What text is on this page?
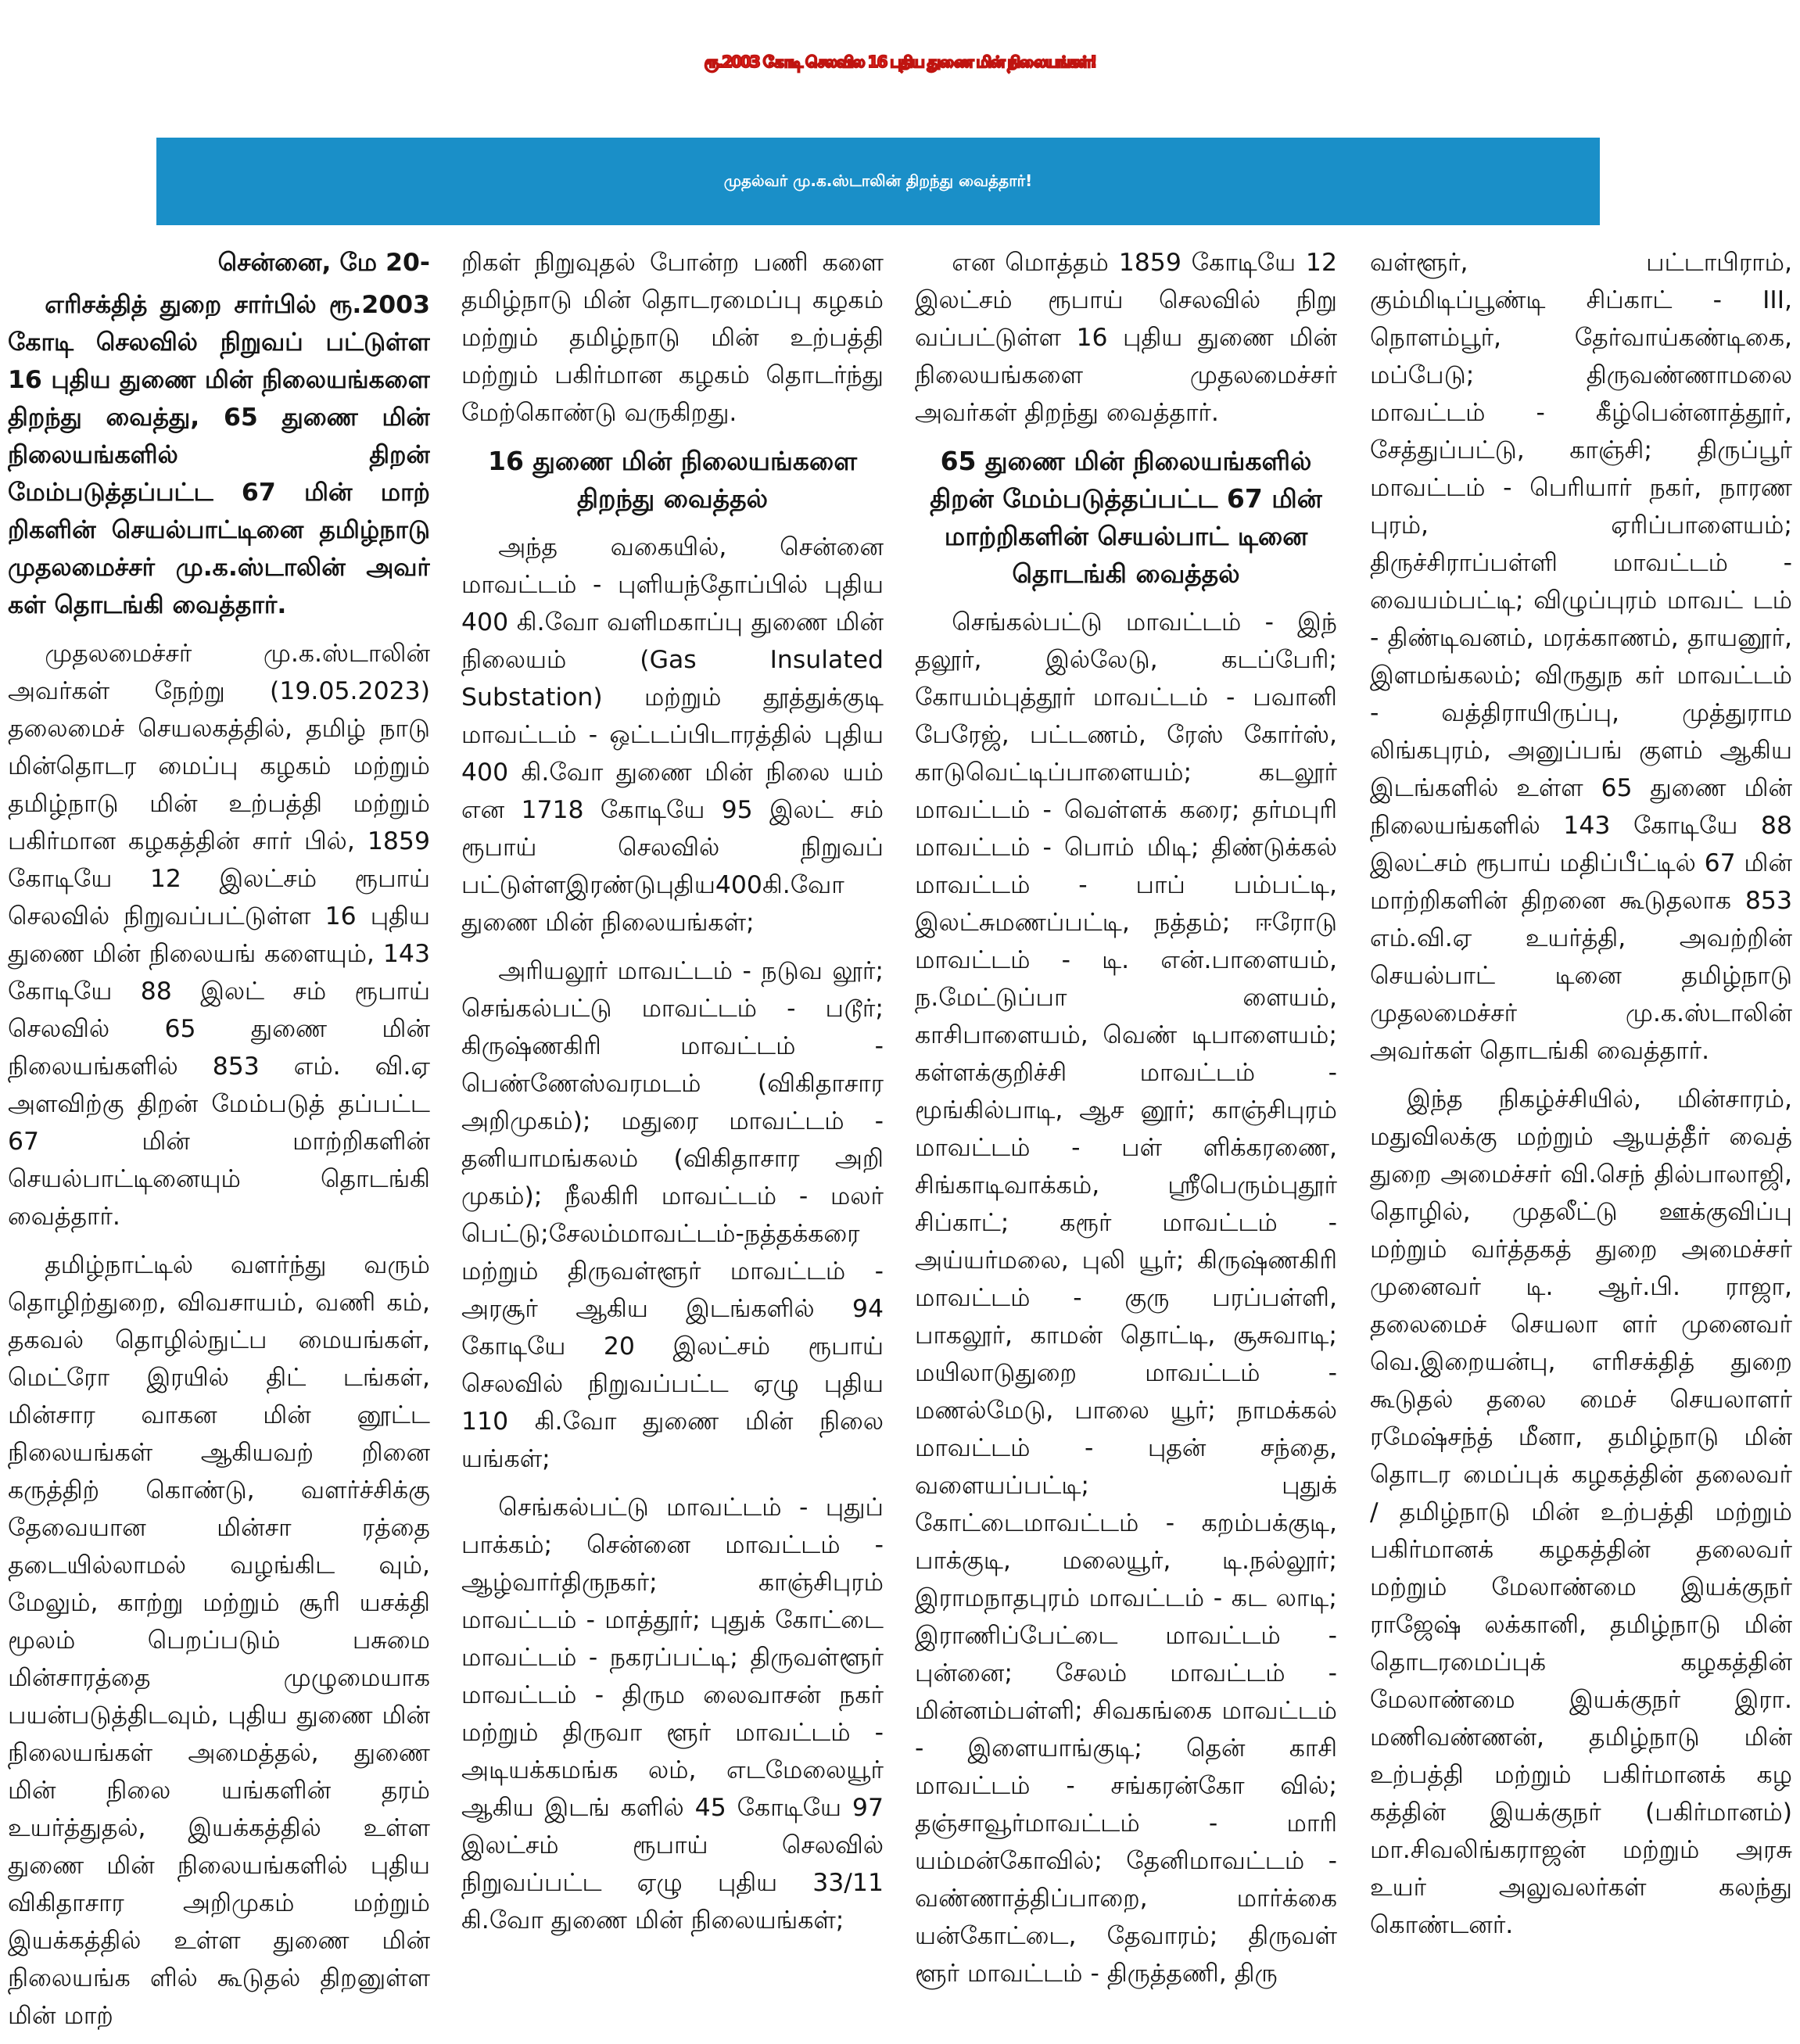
ரூ.2003 கோடி செலவில 16 புதிய துணை மின் நிலையங்கள்!
முதல்வர் மு.க.ஸ்டாலின் திறந்து வைத்தார்!
சென்னை, மே 20-

எரிசக்தித் துறை சார்பில் ரூ.2003 கோடி செலவில் நிறுவப் பட்டுள்ள 16 புதிய துணை மின் நிலையங்களை திறந்து வைத்து, 65 துணை மின் நிலையங்களில் திறன் மேம்படுத்தப்பட்ட 67 மின் மாற் றிகளின் செயல்பாட்டினை தமிழ்நாடு முதலமைச்சர் மு.க.ஸ்டாலின் அவர் கள் தொடங்கி வைத்தார்.

முதலமைச்சர் மு.க.ஸ்டாலின் அவர்கள் நேற்று (19.05.2023) தலைமைச் செயலகத்தில், தமிழ் நாடு மின்தொடர மைப்பு கழகம் மற்றும் தமிழ்நாடு மின் உற்பத்தி மற்றும் பகிர்மான கழகத்தின் சார் பில், 1859 கோடியே 12 இலட்சம் ரூபாய் செலவில் நிறுவப்பட்டுள்ள 16 புதிய துணை மின் நிலையங் களையும், 143 கோடியே 88 இலட் சம் ரூபாய் செலவில் 65 துணை மின் நிலையங்களில் 853 எம். வி.ஏ அளவிற்கு திறன் மேம்படுத் தப்பட்ட 67 மின் மாற்றிகளின் செயல்பாட்டினையும் தொடங்கி வைத்தார்.

தமிழ்நாட்டில் வளர்ந்து வரும் தொழிற்துறை, விவசாயம், வணி கம், தகவல் தொழில்நுட்ப மையங்கள், மெட்ரோ இரயில் திட் டங்கள், மின்சார வாகன மின் னூட்ட நிலையங்கள் ஆகியவற் றினை கருத்திற் கொண்டு, வளர்ச்சிக்கு தேவையான மின்சா ரத்தை தடையில்லாமல் வழங்கிட வும், மேலும், காற்று மற்றும் சூரி யசக்தி மூலம் பெறப்படும் பசுமை மின்சாரத்தை முழுமையாக பயன்படுத்திடவும், புதிய துணை மின் நிலையங்கள் அமைத்தல், துணை மின் நிலை யங்களின் தரம் உயர்த்துதல், இயக்கத்தில் உள்ள துணை மின் நிலையங்களில் புதிய விகிதாசார அறிமுகம் மற்றும் இயக்கத்தில் உள்ள துணை மின் நிலையங்க ளில் கூடுதல் திறனுள்ள மின் மாற்

றிகள் நிறுவுதல் போன்ற பணி களை தமிழ்நாடு மின் தொடரமைப்பு கழகம் மற்றும் தமிழ்நாடு மின் உற்பத்தி மற்றும் பகிர்மான கழகம் தொடர்ந்து மேற்கொண்டு வருகிறது.

16 துணை மின் நிலையங்களை திறந்து வைத்தல்

அந்த வகையில், சென்னை மாவட்டம் - புளியந்தோப்பில் புதிய 400 கி.வோ வளிமகாப்பு துணை மின் நிலையம் (Gas Insulated Substation) மற்றும் தூத்துக்குடி மாவட்டம் - ஒட்டப்பிடாரத்தில் புதிய 400 கி.வோ துணை மின் நிலை யம் என 1718 கோடியே 95 இலட் சம் ரூபாய் செலவில் நிறுவப் பட்டுள்ளஇரண்டுபுதிய400கி.வோ துணை மின் நிலையங்கள்;

அரியலூர் மாவட்டம் - நடுவ லூர்; செங்கல்பட்டு மாவட்டம் - படூர்; கிருஷ்ணகிரி மாவட்டம் - பெண்ணேஸ்வரமடம் (விகிதாசார அறிமுகம்); மதுரை மாவட்டம் - தனியாமங்கலம் (விகிதாசார அறி முகம்); நீலகிரி மாவட்டம் - மலர் பெட்டு;சேலம்மாவட்டம்-நத்தக்கரை மற்றும் திருவள்ளூர் மாவட்டம் - அரசூர் ஆகிய இடங்களில் 94 கோடியே 20 இலட்சம் ரூபாய் செலவில் நிறுவப்பட்ட ஏழு புதிய 110 கி.வோ துணை மின் நிலை யங்கள்;

செங்கல்பட்டு மாவட்டம் - புதுப் பாக்கம்; சென்னை மாவட்டம் - ஆழ்வார்திருநகர்; காஞ்சிபுரம் மாவட்டம் - மாத்தூர்; புதுக் கோட்டை மாவட்டம் - நகரப்பட்டி; திருவள்ளூர் மாவட்டம் - திரும லைவாசன் நகர் மற்றும் திருவா ளூர் மாவட்டம் - அடியக்கமங்க லம், எடமேலையூர் ஆகிய இடங் களில் 45 கோடியே 97 இலட்சம் ரூபாய் செலவில் நிறுவப்பட்ட ஏழு புதிய 33/11 கி.வோ துணை மின் நிலையங்கள்;

என மொத்தம் 1859 கோடியே 12 இலட்சம் ரூபாய் செலவில் நிறு வப்பட்டுள்ள 16 புதிய துணை மின் நிலையங்களை முதலமைச்சர் அவர்கள் திறந்து வைத்தார்.

65 துணை மின் நிலையங்களில் திறன் மேம்படுத்தப்பட்ட 67 மின் மாற்றிகளின் செயல்பாட் டினை தொடங்கி வைத்தல்

செங்கல்பட்டு மாவட்டம் - இந் தலூர், இல்லேடு, கடப்பேரி; கோயம்புத்தூர் மாவட்டம் - பவானி பேரேஜ், பட்டணம், ரேஸ் கோர்ஸ், காடுவெட்டிப்பாளையம்; கடலூர் மாவட்டம் - வெள்ளக் கரை; தர்மபுரி மாவட்டம் - பொம் மிடி; திண்டுக்கல் மாவட்டம் - பாப் பம்பட்டி, இலட்சுமணப்பட்டி, நத்தம்; ஈரோடு மாவட்டம் - டி. என்.பாளையம், ந.மேட்டுப்பா ளையம், காசிபாளையம், வெண் டிபாளையம்; கள்ளக்குறிச்சி மாவட்டம் - மூங்கில்பாடி, ஆச னூர்; காஞ்சிபுரம் மாவட்டம் - பள் ளிக்கரணை, சிங்காடிவாக்கம், ஸ்ரீபெரும்புதூர் சிப்காட்; கரூர் மாவட்டம் - அய்யர்மலை, புலி யூர்; கிருஷ்ணகிரி மாவட்டம் - குரு பரப்பள்ளி, பாகலூர், காமன் தொட்டி, சூசுவாடி; மயிலாடுதுறை மாவட்டம் - மணல்மேடு, பாலை யூர்; நாமக்கல் மாவட்டம் - புதன் சந்தை, வளையப்பட்டி; புதுக் கோட்டைமாவட்டம் - கறம்பக்குடி, பாக்குடி, மலையூர், டி.நல்லூர்; இராமநாதபுரம் மாவட்டம் - கட லாடி; இராணிப்பேட்டை மாவட்டம் - புன்னை; சேலம் மாவட்டம் - மின்னம்பள்ளி; சிவகங்கை மாவட்டம் - இளையாங்குடி; தென் காசி மாவட்டம் - சங்கரன்கோ வில்; தஞ்சாவூர்மாவட்டம் - மாரி யம்மன்கோவில்; தேனிமாவட்டம் - வண்ணாத்திப்பாறை, மார்க்கை யன்கோட்டை, தேவாரம்; திருவள் ளூர் மாவட்டம் - திருத்தணி, திரு

வள்ளூர், பட்டாபிராம், கும்மிடிப்பூண்டி சிப்காட் - III, நொளம்பூர், தேர்வாய்கண்டிகை, மப்பேடு; திருவண்ணாமலை மாவட்டம் - கீழ்பென்னாத்தூர், சேத்துப்பட்டு, காஞ்சி; திருப்பூர் மாவட்டம் - பெரியார் நகர், நாரண புரம், ஏரிப்பாளையம்; திருச்சிராப்பள்ளி மாவட்டம் - வையம்பட்டி; விழுப்புரம் மாவட் டம் - திண்டிவனம், மரக்காணம், தாயனூர், இளமங்கலம்; விருதுந கர் மாவட்டம் - வத்திராயிருப்பு, முத்துராம லிங்கபுரம், அனுப்பங் குளம் ஆகிய இடங்களில் உள்ள 65 துணை மின் நிலையங்களில் 143 கோடியே 88 இலட்சம் ரூபாய் மதிப்பீட்டில் 67 மின் மாற்றிகளின் திறனை கூடுதலாக 853 எம்.வி.ஏ உயர்த்தி, அவற்றின் செயல்பாட் டினை தமிழ்நாடு முதலமைச்சர் மு.க.ஸ்டாலின் அவர்கள் தொடங்கி வைத்தார்.

இந்த நிகழ்ச்சியில், மின்சாரம், மதுவிலக்கு மற்றும் ஆயத்தீர் வைத் துறை அமைச்சர் வி.செந் தில்பாலாஜி, தொழில், முதலீட்டு ஊக்குவிப்பு மற்றும் வர்த்தகத் துறை அமைச்சர் முனைவர் டி. ஆர்.பி. ராஜா, தலைமைச் செயலா ளர் முனைவர் வெ.இறையன்பு, எரிசக்தித் துறை கூடுதல் தலை மைச் செயலாளர் ரமேஷ்சந்த் மீனா, தமிழ்நாடு மின் தொடர மைப்புக் கழகத்தின் தலைவர் / தமிழ்நாடு மின் உற்பத்தி மற்றும் பகிர்மானக் கழகத்தின் தலைவர் மற்றும் மேலாண்மை இயக்குநர் ராஜேஷ் லக்கானி, தமிழ்நாடு மின் தொடரமைப்புக் கழகத்தின் மேலாண்மை இயக்குநர் இரா. மணிவண்ணன், தமிழ்நாடு மின் உற்பத்தி மற்றும் பகிர்மானக் கழ கத்தின் இயக்குநர் (பகிர்மானம்) மா.சிவலிங்கராஜன் மற்றும் அரசு உயர் அலுவலர்கள் கலந்து கொண்டனர்.
